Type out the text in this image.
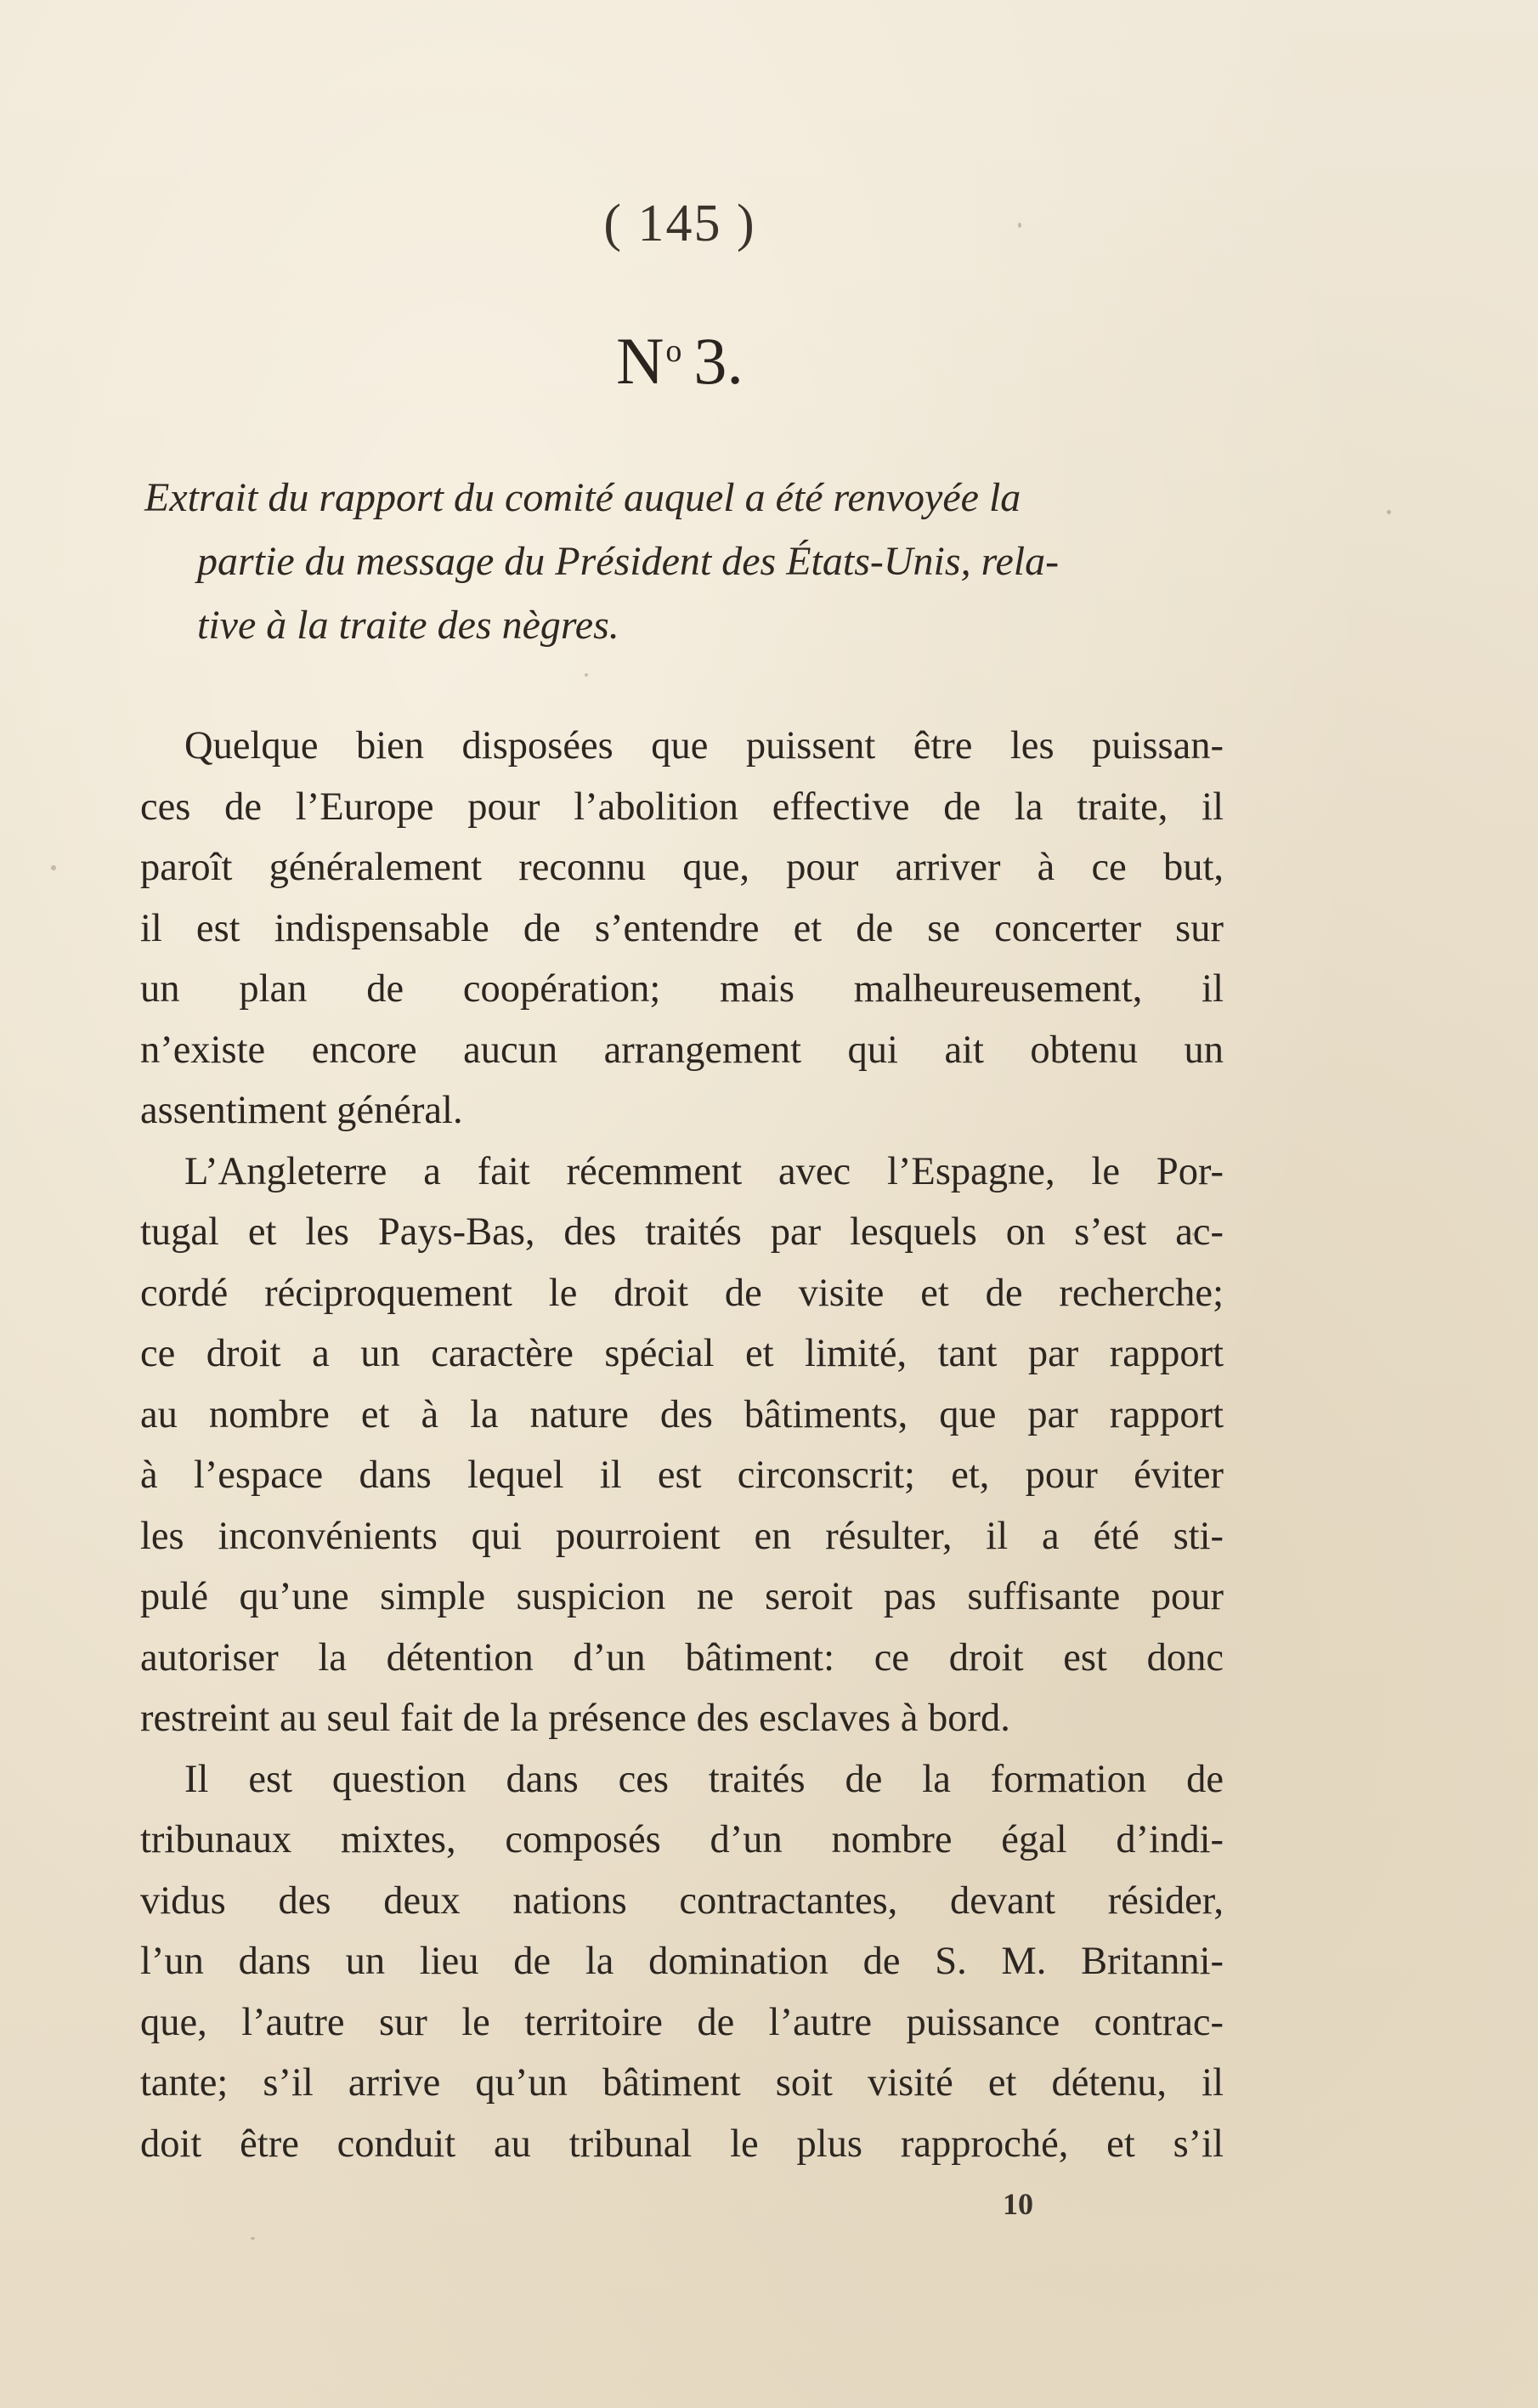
( 145 )
$N^o$ 3.
Extrait du rapport du comité auquel a été renvoyée la
partie du message du Président des États-Unis, rela-
tive à la traite des nègres.
Quelque bien disposées que puissent être les puissan-
ces de l’Europe pour l’abolition effective de la traite, il
paroît généralement reconnu que, pour arriver à ce but,
il est indispensable de s’entendre et de se concerter sur
un plan de coopération; mais malheureusement, il
n’existe encore aucun arrangement qui ait obtenu un
assentiment général.
L’Angleterre a fait récemment avec l’Espagne, le Por-
tugal et les Pays-Bas, des traités par lesquels on s’est ac-
cordé réciproquement le droit de visite et de recherche;
ce droit a un caractère spécial et limité, tant par rapport
au nombre et à la nature des bâtiments, que par rapport
à l’espace dans lequel il est circonscrit; et, pour éviter
les inconvénients qui pourroient en résulter, il a été sti-
pulé qu’une simple suspicion ne seroit pas suffisante pour
autoriser la détention d’un bâtiment: ce droit est donc
restreint au seul fait de la présence des esclaves à bord.
Il est question dans ces traités de la formation de
tribunaux mixtes, composés d’un nombre égal d’indi-
vidus des deux nations contractantes, devant résider,
l’un dans un lieu de la domination de S. M. Britanni-
que, l’autre sur le territoire de l’autre puissance contrac-
tante; s’il arrive qu’un bâtiment soit visité et détenu, il
doit être conduit au tribunal le plus rapproché, et s’il
10
